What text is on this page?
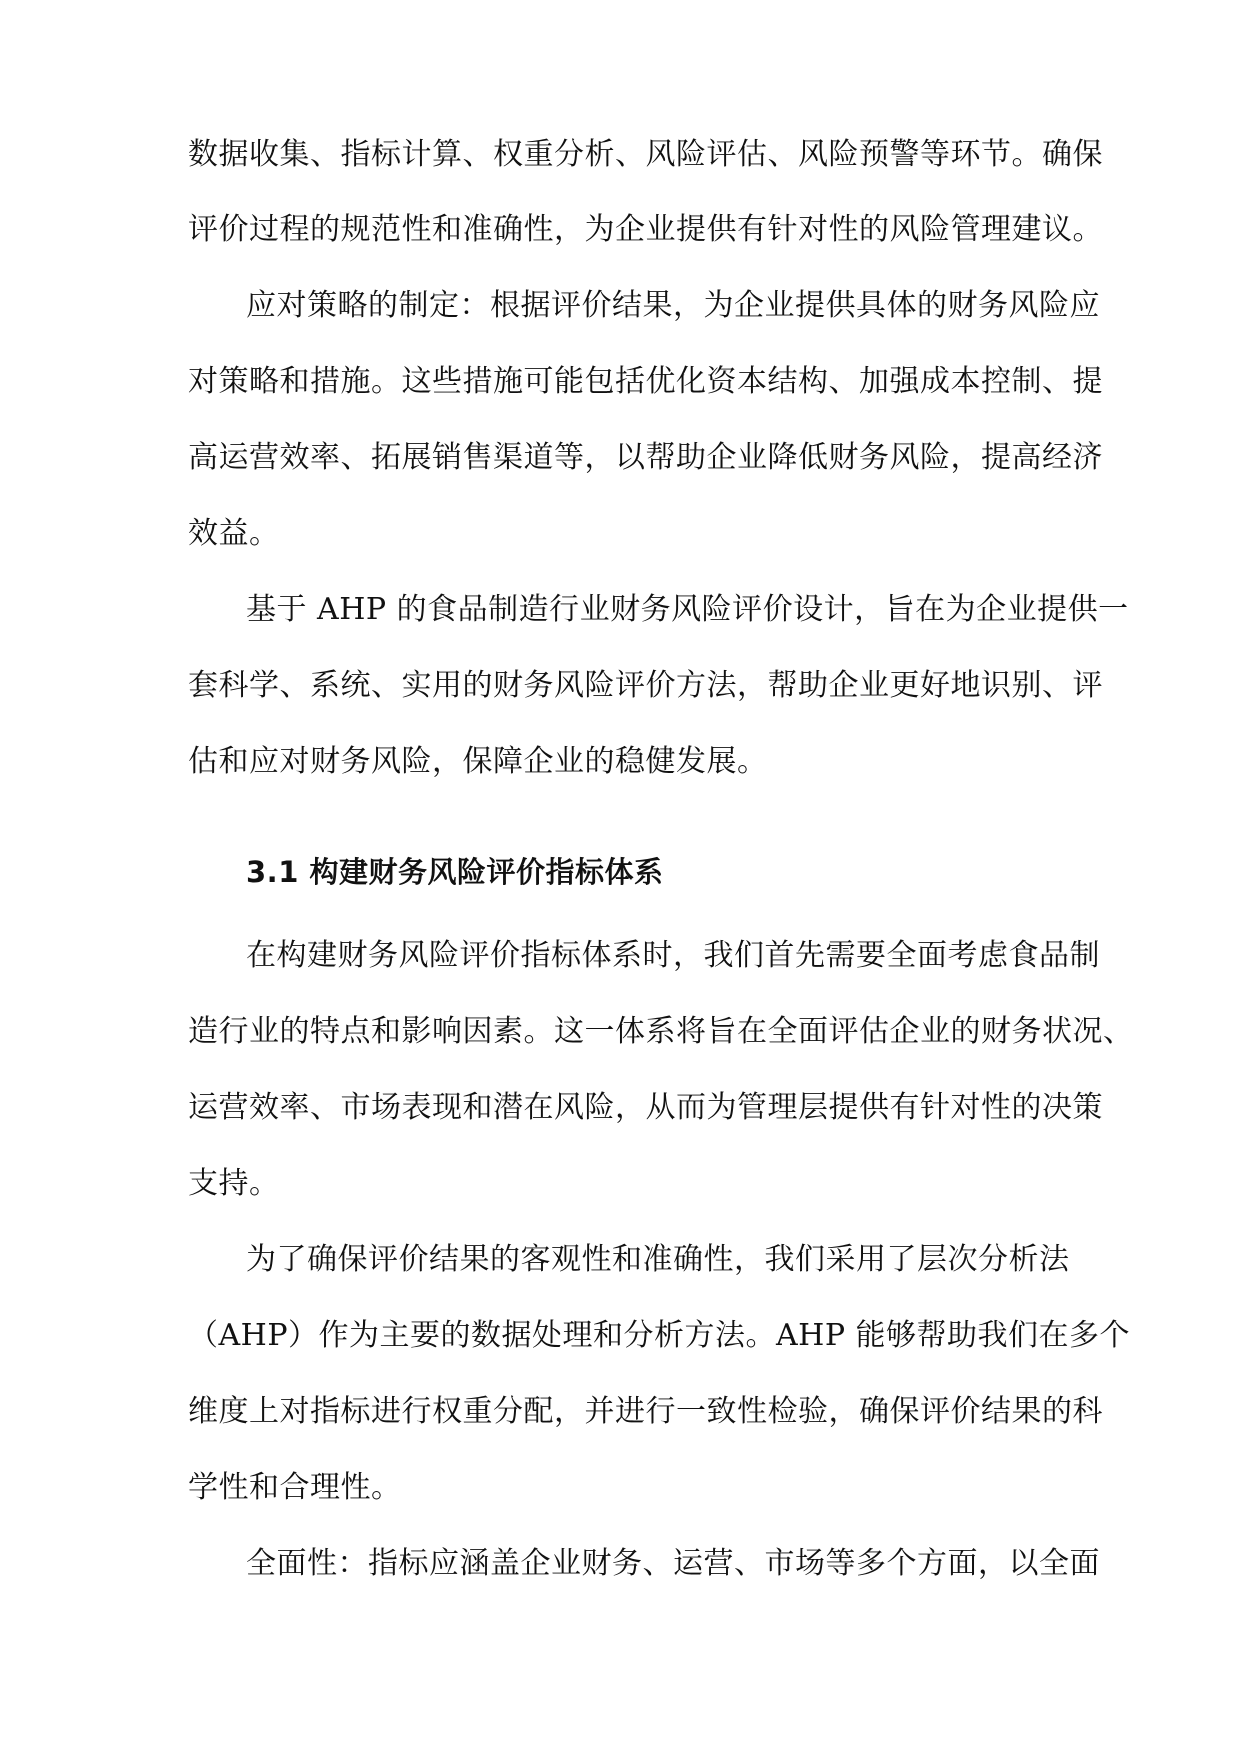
数据收集、指标计算、权重分析、风险评估、风险预警等环节。确保
评价过程的规范性和准确性，为企业提供有针对性的风险管理建议。
应对策略的制定：根据评价结果，为企业提供具体的财务风险应
对策略和措施。这些措施可能包括优化资本结构、加强成本控制、提
高运营效率、拓展销售渠道等，以帮助企业降低财务风险，提高经济
效益。
基于 AHP 的食品制造行业财务风险评价设计，旨在为企业提供一
套科学、系统、实用的财务风险评价方法，帮助企业更好地识别、评
估和应对财务风险，保障企业的稳健发展。
3.1 构建财务风险评价指标体系
在构建财务风险评价指标体系时，我们首先需要全面考虑食品制
造行业的特点和影响因素。这一体系将旨在全面评估企业的财务状况、
运营效率、市场表现和潜在风险，从而为管理层提供有针对性的决策
支持。
为了确保评价结果的客观性和准确性，我们采用了层次分析法
（AHP）作为主要的数据处理和分析方法。AHP 能够帮助我们在多个
维度上对指标进行权重分配，并进行一致性检验，确保评价结果的科
学性和合理性。
全面性：指标应涵盖企业财务、运营、市场等多个方面，以全面
